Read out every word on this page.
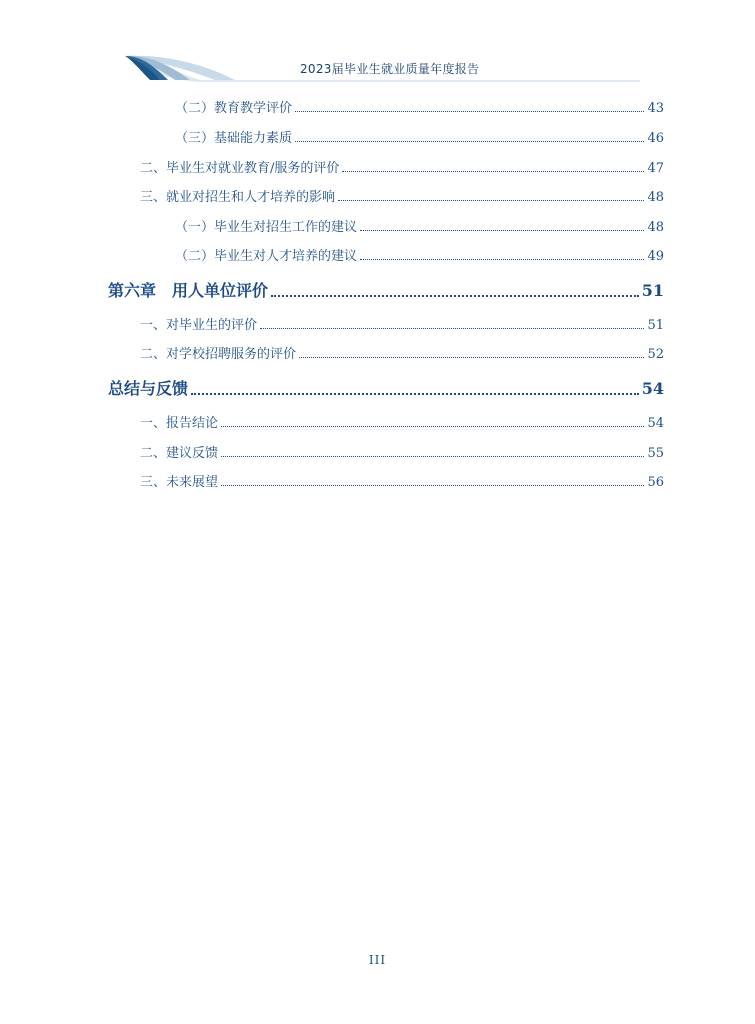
2023届毕业生就业质量年度报告
（二）教育教学评价	43
（三）基础能力素质	46
二、毕业生对就业教育/服务的评价	47
三、就业对招生和人才培养的影响	48
（一）毕业生对招生工作的建议	48
（二）毕业生对人才培养的建议	49
第六章　用人单位评价	51
一、对毕业生的评价	51
二、对学校招聘服务的评价	52
总结与反馈	54
一、报告结论	54
二、建议反馈	55
三、未来展望	56
III
